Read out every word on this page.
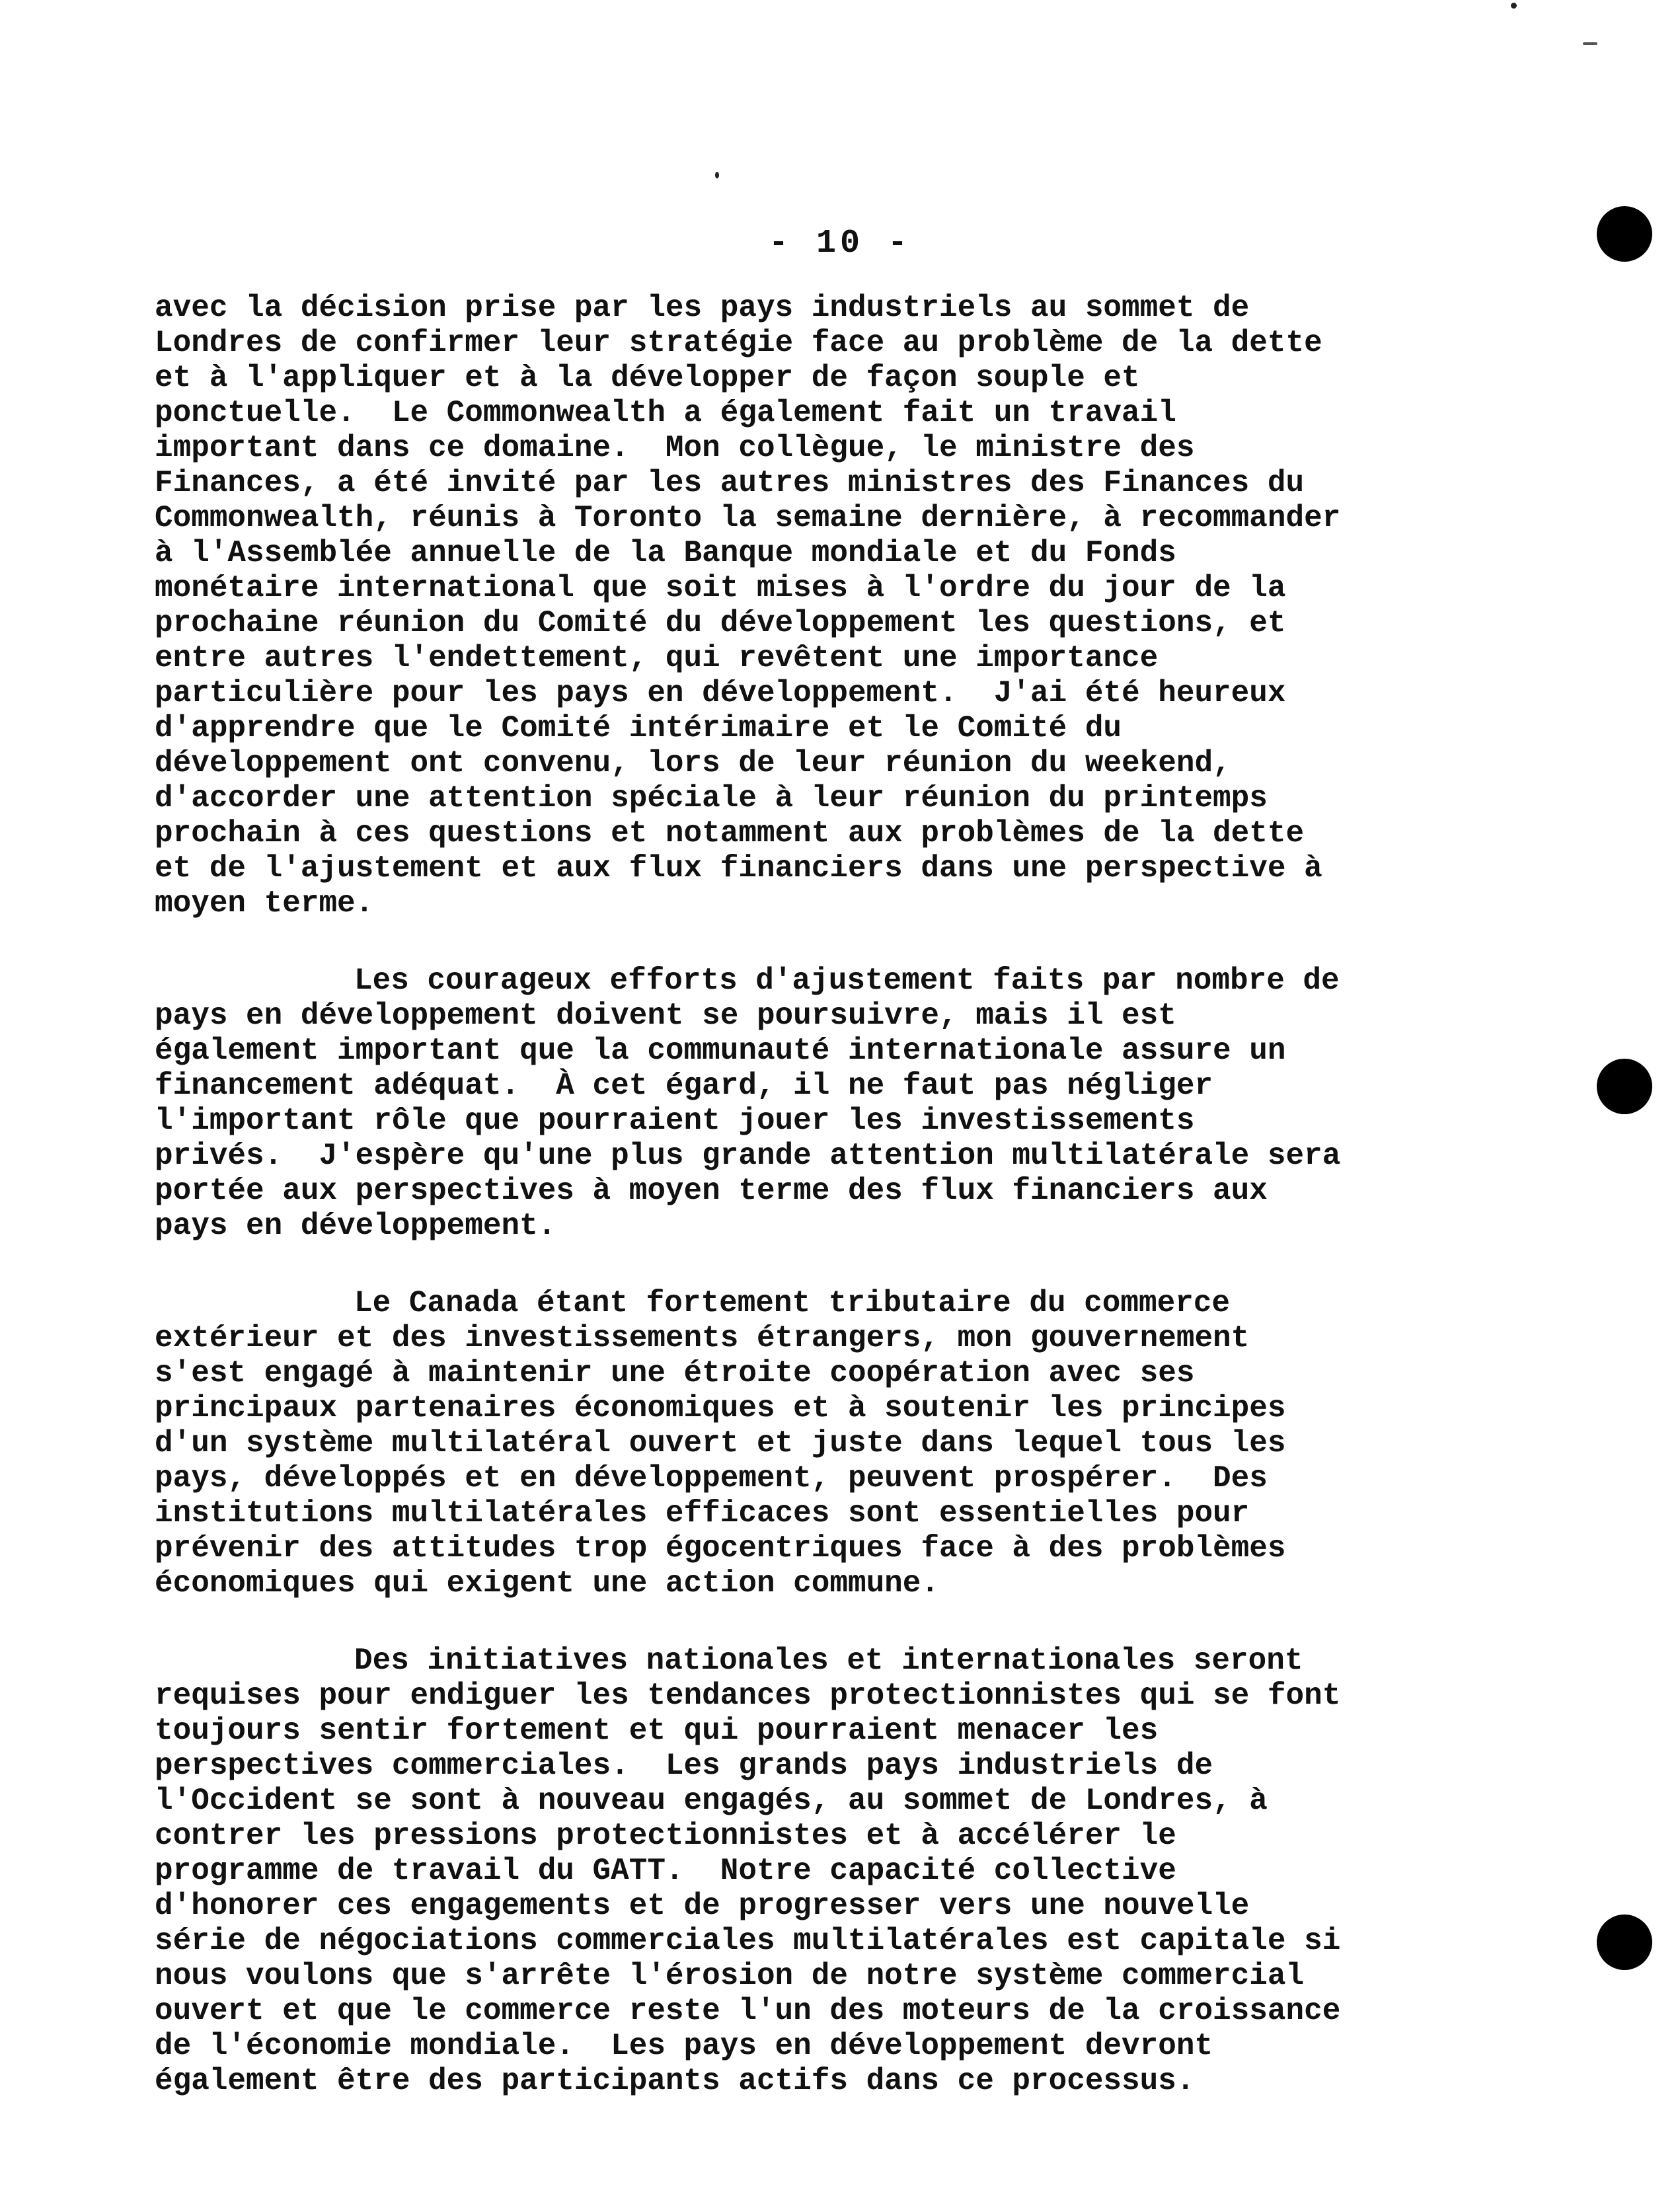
- 10 -
avec la décision prise par les pays industriels au sommet de
Londres de confirmer leur stratégie face au problème de la dette
et à l'appliquer et à la développer de façon souple et
ponctuelle.  Le Commonwealth a également fait un travail
important dans ce domaine.  Mon collègue, le ministre des
Finances, a été invité par les autres ministres des Finances du
Commonwealth, réunis à Toronto la semaine dernière, à recommander
à l'Assemblée annuelle de la Banque mondiale et du Fonds
monétaire international que soit mises à l'ordre du jour de la
prochaine réunion du Comité du développement les questions, et
entre autres l'endettement, qui revêtent une importance
particulière pour les pays en développement.  J'ai été heureux
d'apprendre que le Comité intérimaire et le Comité du
développement ont convenu, lors de leur réunion du weekend,
d'accorder une attention spéciale à leur réunion du printemps
prochain à ces questions et notamment aux problèmes de la dette
et de l'ajustement et aux flux financiers dans une perspective à
moyen terme.
Les courageux efforts d'ajustement faits par nombre de
pays en développement doivent se poursuivre, mais il est
également important que la communauté internationale assure un
financement adéquat.  À cet égard, il ne faut pas négliger
l'important rôle que pourraient jouer les investissements
privés.  J'espère qu'une plus grande attention multilatérale sera
portée aux perspectives à moyen terme des flux financiers aux
pays en développement.
Le Canada étant fortement tributaire du commerce
extérieur et des investissements étrangers, mon gouvernement
s'est engagé à maintenir une étroite coopération avec ses
principaux partenaires économiques et à soutenir les principes
d'un système multilatéral ouvert et juste dans lequel tous les
pays, développés et en développement, peuvent prospérer.  Des
institutions multilatérales efficaces sont essentielles pour
prévenir des attitudes trop égocentriques face à des problèmes
économiques qui exigent une action commune.
Des initiatives nationales et internationales seront
requises pour endiguer les tendances protectionnistes qui se font
toujours sentir fortement et qui pourraient menacer les
perspectives commerciales.  Les grands pays industriels de
l'Occident se sont à nouveau engagés, au sommet de Londres, à
contrer les pressions protectionnistes et à accélérer le
programme de travail du GATT.  Notre capacité collective
d'honorer ces engagements et de progresser vers une nouvelle
série de négociations commerciales multilatérales est capitale si
nous voulons que s'arrête l'érosion de notre système commercial
ouvert et que le commerce reste l'un des moteurs de la croissance
de l'économie mondiale.  Les pays en développement devront
également être des participants actifs dans ce processus.
